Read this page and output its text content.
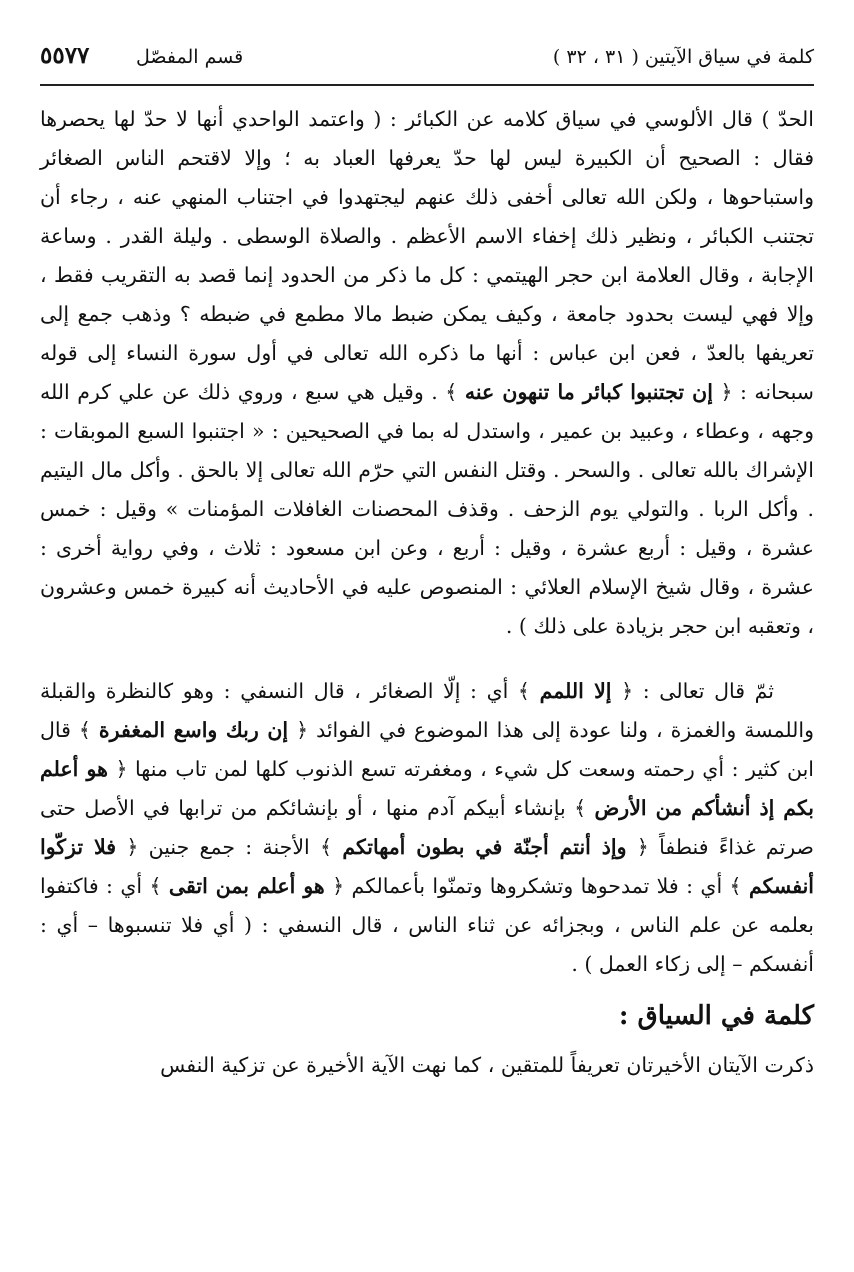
كلمة في سياق الآيتين ( ٣١ ، ٣٢ )
قسم المفصّل
٥٥٧٧

الحدّ ) قال الألوسي في سياق كلامه عن الكبائر : ( واعتمد الواحدي أنها لا حدّ لها يحصرها فقال : الصحيح أن الكبيرة ليس لها حدّ يعرفها العباد به ؛ وإلا لاقتحم الناس الصغائر واستباحوها ، ولكن الله تعالى أخفى ذلك عنهم ليجتهدوا في اجتناب المنهي عنه ، رجاء أن تجتنب الكبائر ، ونظير ذلك إخفاء الاسم الأعظم . والصلاة الوسطى . وليلة القدر . وساعة الإجابة ، وقال العلامة ابن حجر الهيتمي : كل ما ذكر من الحدود إنما قصد به التقريب فقط ، وإلا فهي ليست بحدود جامعة ، وكيف يمكن ضبط مالا مطمع في ضبطه ؟ وذهب جمع إلى تعريفها بالعدّ ، فعن ابن عباس : أنها ما ذكره الله تعالى في أول سورة النساء إلى قوله سبحانه : ﴿ إن تجتنبوا كبائر ما تنهون عنه ﴾ . وقيل هي سبع ، وروي ذلك عن علي كرم الله وجهه ، وعطاء ، وعبيد بن عمير ، واستدل له بما في الصحيحين : « اجتنبوا السبع الموبقات : الإشراك بالله تعالى . والسحر . وقتل النفس التي حرّم الله تعالى إلا بالحق . وأكل مال اليتيم . وأكل الربا . والتولي يوم الزحف . وقذف المحصنات الغافلات المؤمنات » وقيل : خمس عشرة ، وقيل : أربع عشرة ، وقيل : أربع ، وعن ابن مسعود : ثلاث ، وفي رواية أخرى : عشرة ، وقال شيخ الإسلام العلائي : المنصوص عليه في الأحاديث أنه كبيرة خمس وعشرون ، وتعقبه ابن حجر بزيادة على ذلك ) .

ثمّ قال تعالى : ﴿ إلا اللمم ﴾ أي : إلّا الصغائر ، قال النسفي : وهو كالنظرة والقبلة واللمسة والغمزة ، ولنا عودة إلى هذا الموضوع في الفوائد ﴿ إن ربك واسع المغفرة ﴾ قال ابن كثير : أي رحمته وسعت كل شيء ، ومغفرته تسع الذنوب كلها لمن تاب منها ﴿ هو أعلم بكم إذ أنشأكم من الأرض ﴾ بإنشاء أبيكم آدم منها ، أو بإنشائكم من ترابها في الأصل حتى صرتم غذاءً فنطفاً ﴿ وإذ أنتم أجنّة في بطون أمهاتكم ﴾ الأجنة : جمع جنين ﴿ فلا تزكّوا أنفسكم ﴾ أي : فلا تمدحوها وتشكروها وتمنّوا بأعمالكم ﴿ هو أعلم بمن اتقى ﴾ أي : فاكتفوا بعلمه عن علم الناس ، وبجزائه عن ثناء الناس ، قال النسفي : ( أي فلا تنسبوها – أي : أنفسكم – إلى زكاء العمل ) .

كلمة في السياق :
ذكرت الآيتان الأخيرتان تعريفاً للمتقين ، كما نهت الآية الأخيرة عن تزكية النفس
